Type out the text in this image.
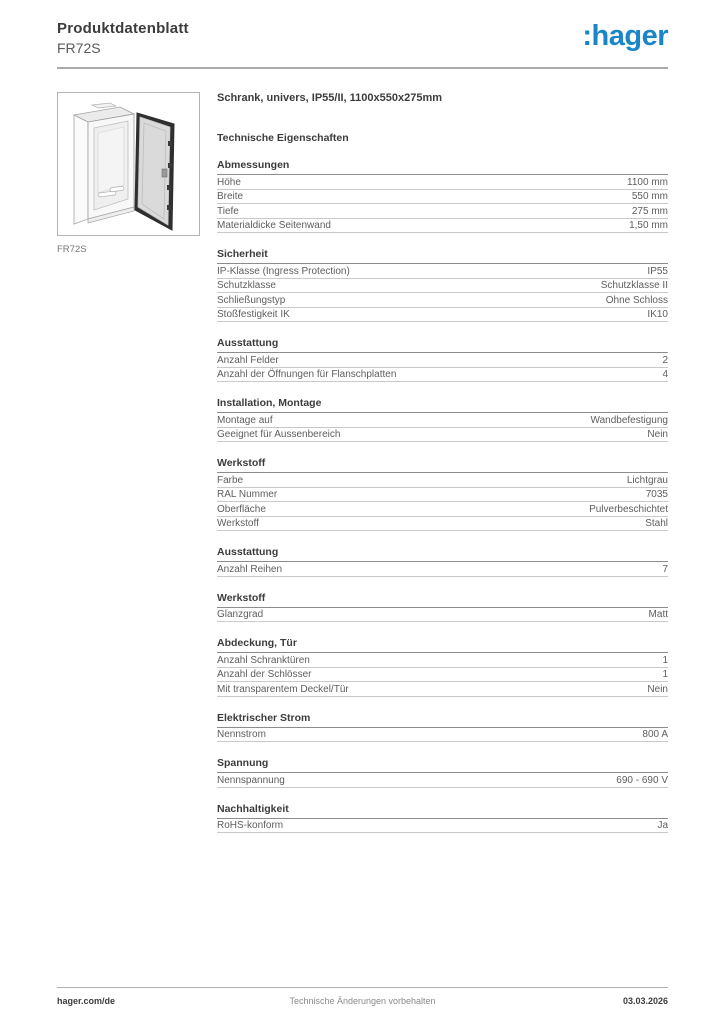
Produktdatenblatt
FR72S	:hager
FR72S
Schrank, univers, IP55/II, 1100x550x275mm
Technische Eigenschaften
Abmessungen
Höhe	1100 mm
Breite	550 mm
Tiefe	275 mm
Materialdicke Seitenwand	1,50 mm
Sicherheit
IP-Klasse (Ingress Protection)	IP55
Schutzklasse	Schutzklasse II
Schließungstyp	Ohne Schloss
Stoßfestigkeit IK	IK10
Ausstattung
Anzahl Felder	2
Anzahl der Öffnungen für Flanschplatten	4
Installation, Montage
Montage auf	Wandbefestigung
Geeignet für Aussenbereich	Nein
Werkstoff
Farbe	Lichtgrau
RAL Nummer	7035
Oberfläche	Pulverbeschichtet
Werkstoff	Stahl
Ausstattung
Anzahl Reihen	7
Werkstoff
Glanzgrad	Matt
Abdeckung, Tür
Anzahl Schranktüren	1
Anzahl der Schlösser	1
Mit transparentem Deckel/Tür	Nein
Elektrischer Strom
Nennstrom	800 A
Spannung
Nennspannung	690 - 690 V
Nachhaltigkeit
RoHS-konform	Ja
hager.com/de	Technische Änderungen vorbehalten	03.03.2026
